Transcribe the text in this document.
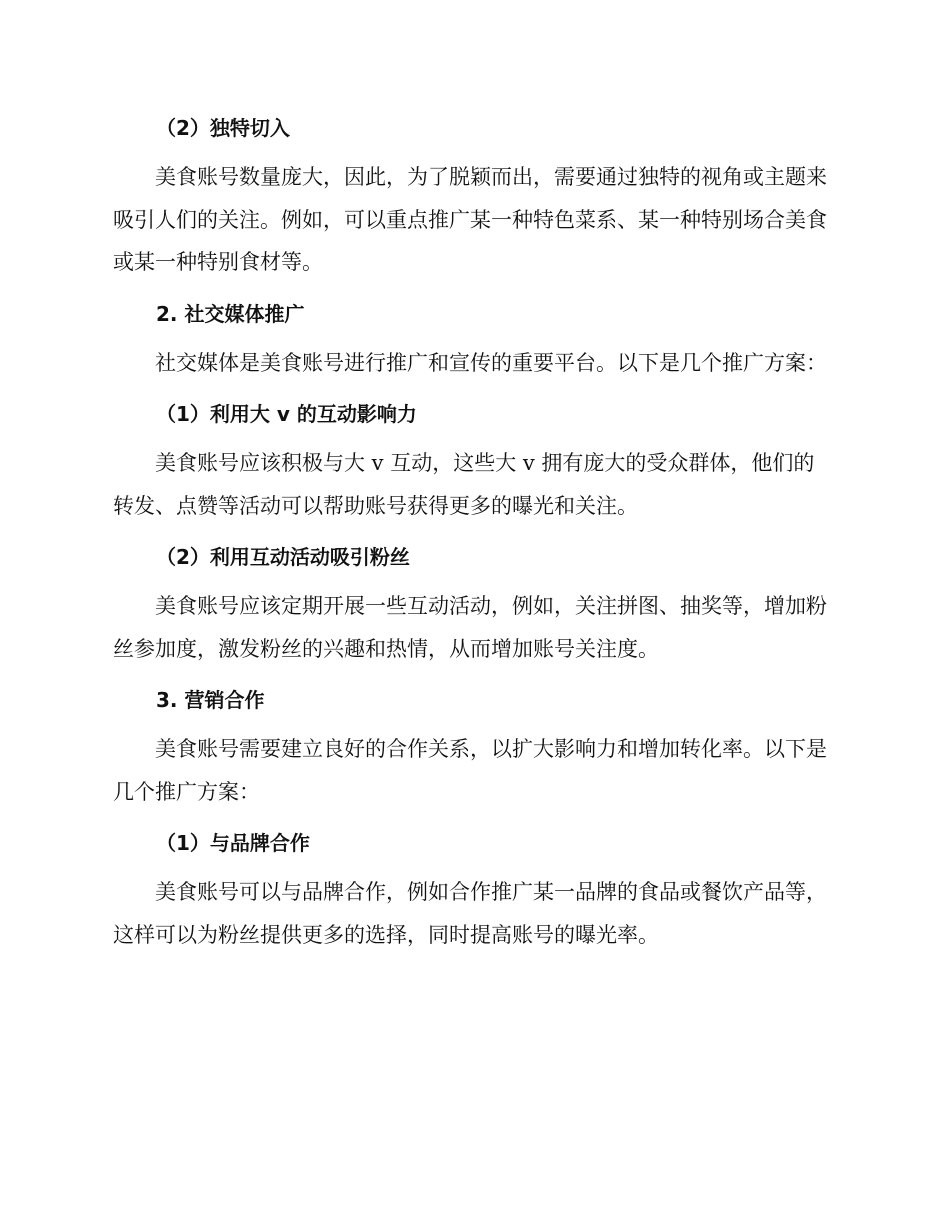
（2）独特切入

美食账号数量庞大，因此，为了脱颖而出，需要通过独特的视角或主题来吸引人们的关注。例如，可以重点推广某一种特色菜系、某一种特别场合美食或某一种特别食材等。

2. 社交媒体推广

社交媒体是美食账号进行推广和宣传的重要平台。以下是几个推广方案：

（1）利用大 v 的互动影响力

美食账号应该积极与大 v 互动，这些大 v 拥有庞大的受众群体，他们的转发、点赞等活动可以帮助账号获得更多的曝光和关注。

（2）利用互动活动吸引粉丝

美食账号应该定期开展一些互动活动，例如，关注拼图、抽奖等，增加粉丝参加度，激发粉丝的兴趣和热情，从而增加账号关注度。

3. 营销合作

美食账号需要建立良好的合作关系，以扩大影响力和增加转化率。以下是几个推广方案：

（1）与品牌合作

美食账号可以与品牌合作，例如合作推广某一品牌的食品或餐饮产品等，这样可以为粉丝提供更多的选择，同时提高账号的曝光率。
